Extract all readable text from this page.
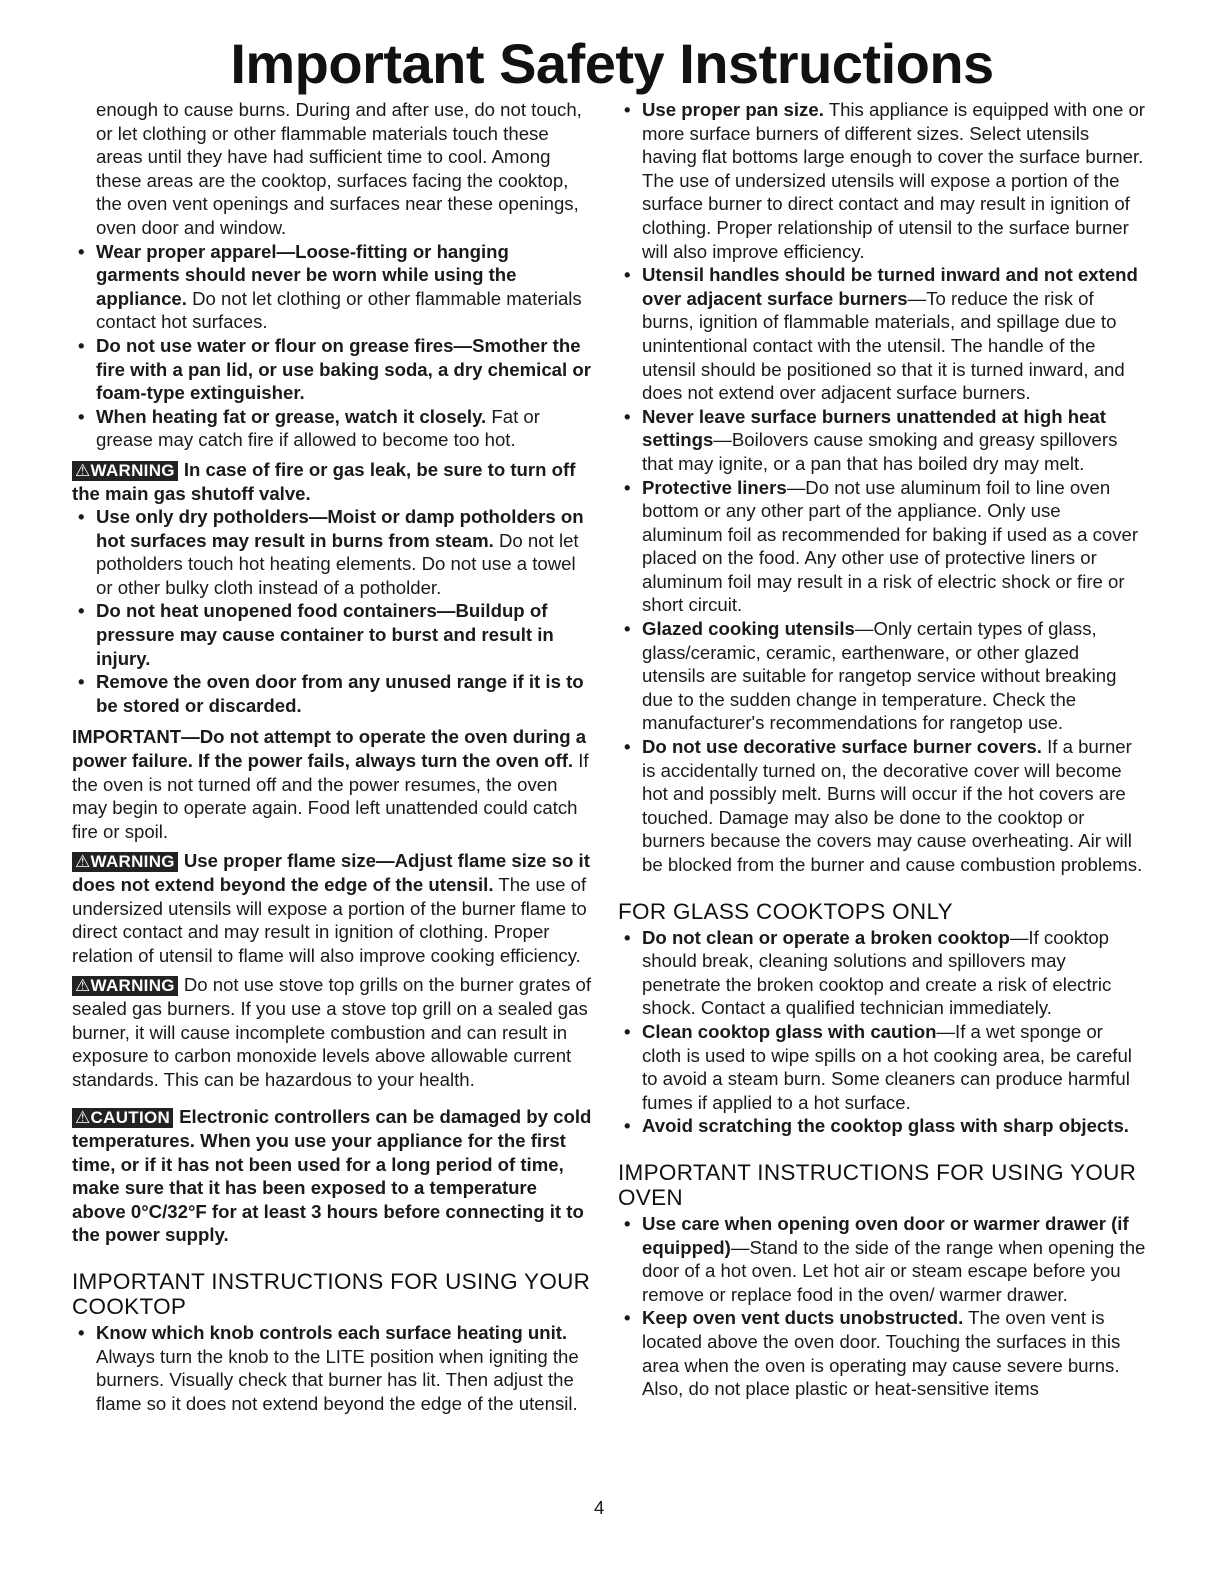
Important Safety Instructions

enough to cause burns. During and after use, do not touch, or let clothing or other flammable materials touch these areas until they have had sufficient time to cool. Among these areas are the cooktop, surfaces facing the cooktop, the oven vent openings and surfaces near these openings, oven door and window.

• Wear proper apparel—Loose-fitting or hanging garments should never be worn while using the appliance. Do not let clothing or other flammable materials contact hot surfaces.
• Do not use water or flour on grease fires—Smother the fire with a pan lid, or use baking soda, a dry chemical or foam-type extinguisher.
• When heating fat or grease, watch it closely. Fat or grease may catch fire if allowed to become too hot.

⚠WARNING In case of fire or gas leak, be sure to turn off the main gas shutoff valve.

• Use only dry potholders—Moist or damp potholders on hot surfaces may result in burns from steam. Do not let potholders touch hot heating elements. Do not use a towel or other bulky cloth instead of a potholder.
• Do not heat unopened food containers—Buildup of pressure may cause container to burst and result in injury.
• Remove the oven door from any unused range if it is to be stored or discarded.

IMPORTANT—Do not attempt to operate the oven during a power failure. If the power fails, always turn the oven off. If the oven is not turned off and the power resumes, the oven may begin to operate again. Food left unattended could catch fire or spoil.

⚠WARNING Use proper flame size—Adjust flame size so it does not extend beyond the edge of the utensil. The use of undersized utensils will expose a portion of the burner flame to direct contact and may result in ignition of clothing. Proper relation of utensil to flame will also improve cooking efficiency.

⚠WARNING Do not use stove top grills on the burner grates of sealed gas burners. If you use a stove top grill on a sealed gas burner, it will cause incomplete combustion and can result in exposure to carbon monoxide levels above allowable current standards. This can be hazardous to your health.

⚠CAUTION Electronic controllers can be damaged by cold temperatures. When you use your appliance for the first time, or if it has not been used for a long period of time, make sure that it has been exposed to a temperature above 0°C/32°F for at least 3 hours before connecting it to the power supply.

IMPORTANT INSTRUCTIONS FOR USING YOUR COOKTOP
• Know which knob controls each surface heating unit. Always turn the knob to the LITE position when igniting the burners. Visually check that burner has lit. Then adjust the flame so it does not extend beyond the edge of the utensil.
• Use proper pan size. This appliance is equipped with one or more surface burners of different sizes. Select utensils having flat bottoms large enough to cover the surface burner. The use of undersized utensils will expose a portion of the surface burner to direct contact and may result in ignition of clothing. Proper relationship of utensil to the surface burner will also improve efficiency.
• Utensil handles should be turned inward and not extend over adjacent surface burners—To reduce the risk of burns, ignition of flammable materials, and spillage due to unintentional contact with the utensil. The handle of the utensil should be positioned so that it is turned inward, and does not extend over adjacent surface burners.
• Never leave surface burners unattended at high heat settings—Boilovers cause smoking and greasy spillovers that may ignite, or a pan that has boiled dry may melt.
• Protective liners—Do not use aluminum foil to line oven bottom or any other part of the appliance. Only use aluminum foil as recommended for baking if used as a cover placed on the food. Any other use of protective liners or aluminum foil may result in a risk of electric shock or fire or short circuit.
• Glazed cooking utensils—Only certain types of glass, glass/ceramic, ceramic, earthenware, or other glazed utensils are suitable for rangetop service without breaking due to the sudden change in temperature. Check the manufacturer's recommendations for rangetop use.
• Do not use decorative surface burner covers. If a burner is accidentally turned on, the decorative cover will become hot and possibly melt. Burns will occur if the hot covers are touched. Damage may also be done to the cooktop or burners because the covers may cause overheating. Air will be blocked from the burner and cause combustion problems.
FOR GLASS COOKTOPS ONLY
• Do not clean or operate a broken cooktop—If cooktop should break, cleaning solutions and spillovers may penetrate the broken cooktop and create a risk of electric shock. Contact a qualified technician immediately.
• Clean cooktop glass with caution—If a wet sponge or cloth is used to wipe spills on a hot cooking area, be careful to avoid a steam burn. Some cleaners can produce harmful fumes if applied to a hot surface.
• Avoid scratching the cooktop glass with sharp objects.
IMPORTANT INSTRUCTIONS FOR USING YOUR OVEN
• Use care when opening oven door or warmer drawer (if equipped)—Stand to the side of the range when opening the door of a hot oven. Let hot air or steam escape before you remove or replace food in the oven/ warmer drawer.
• Keep oven vent ducts unobstructed. The oven vent is located above the oven door. Touching the surfaces in this area when the oven is operating may cause severe burns. Also, do not place plastic or heat-sensitive items
4
